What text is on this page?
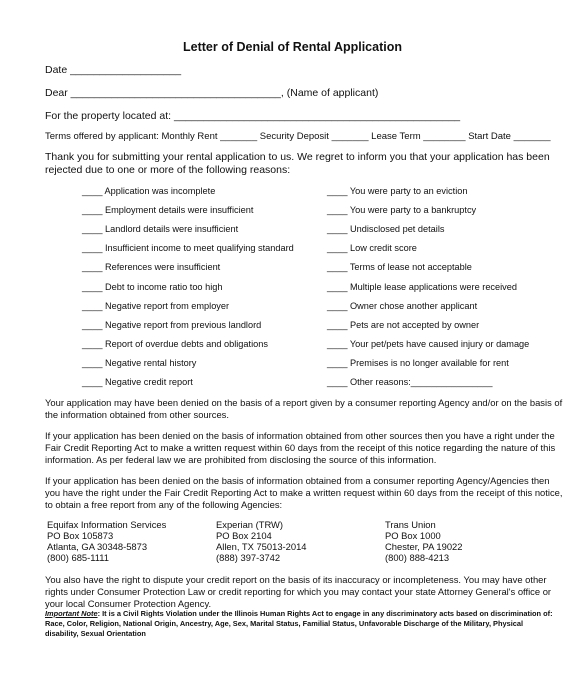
Letter of Denial of Rental Application
Date ___________________
Dear ____________________________________, (Name of applicant)
For the property located at: _________________________________________________
Terms offered by applicant: Monthly Rent _______ Security Deposit _______ Lease Term ________ Start Date _______
Thank you for submitting your rental application to us. We regret to inform you that your application has been
rejected due to one or more of the following reasons:
____ Application was incomplete
____ Employment details were insufficient
____ Landlord details were insufficient
____ Insufficient income to meet qualifying standard
____ References were insufficient
____ Debt to income ratio too high
____ Negative report from employer
____ Negative report from previous landlord
____ Report of overdue debts and obligations
____ Negative rental history
____ Negative credit report
____ You were party to an eviction
____ You were party to a bankruptcy
____ Undisclosed pet details
____ Low credit score
____ Terms of lease not acceptable
____ Multiple lease applications were received
____ Owner chose another applicant
____ Pets are not accepted by owner
____ Your pet/pets have caused injury or damage
____ Premises is no longer available for rent
____ Other reasons:________________
Your application may have been denied on the basis of a report given by a consumer reporting Agency and/or on the basis of
the information obtained from other sources.
If your application has been denied on the basis of information obtained from other sources then you have a right under the
Fair Credit Reporting Act to make a written request within 60 days from the receipt of this notice regarding the nature of this
information. As per federal law we are prohibited from disclosing the source of this information.
If your application has been denied on the basis of information obtained from a consumer reporting Agency/Agencies then
you have the right under the Fair Credit Reporting Act to make a written request within 60 days from the receipt of this notice,
to obtain a free report from any of the following Agencies:
Equifax Information Services
PO Box 105873
Atlanta, GA 30348-5873
(800) 685-1111
Experian (TRW)
PO Box 2104
Allen, TX 75013-2014
(888) 397-3742
Trans Union
PO Box 1000
Chester, PA 19022
(800) 888-4213
You also have the right to dispute your credit report on the basis of its inaccuracy or incompleteness. You may have other
rights under Consumer Protection Law or credit reporting for which you may contact your state Attorney General's office or
your local Consumer Protection Agency.
Important Note: It is a Civil Rights Violation under the Illinois Human Rights Act to engage in any discriminatory acts based on discrimination of:
Race, Color, Religion, National Origin, Ancestry, Age, Sex, Marital Status, Familial Status, Unfavorable Discharge of the Military, Physical
disability, Sexual Orientation
